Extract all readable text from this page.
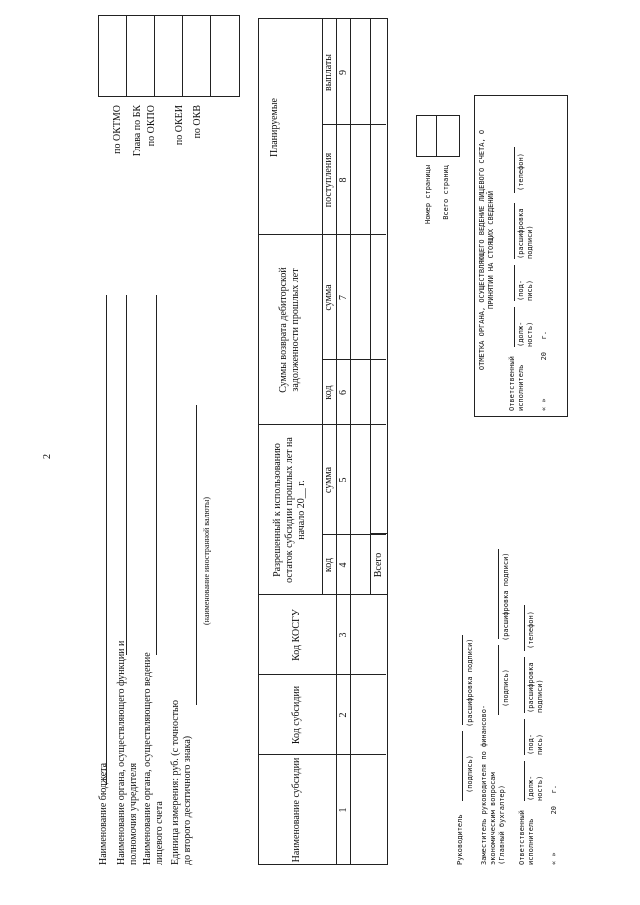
2
Наименование бюджета Наименование органа, осуществляющего функции и полномочия учредителя Наименование органа, осуществляющего ведение лицевого счета Единица измерения: руб. (с точностью до второго десятичного знака)
(наименование иностранной валюты)
по ОКТМО Глава по БК по ОКПО по ОКЕИ по ОКВ
Наименование субсидии
Код субсидии
Код КОСГУ
Разрешенный к использованию остаток субсидии прошлых лет на начало 20__ г.
Суммы возврата дебиторской задолженности прошлых лет
Планируемые
код
сумма
код
сумма
поступления
выплаты
1
2
3
4
5
6
7
8
9
Всего
Руководитель
(подпись)
(расшифровка подписи)
Заместитель руководителя по финансово-экономическим вопросам (Главный бухгалтер)
(подпись)
(расшифровка подписи)
Ответственный исполнитель
(долж- ность)
(под- пись)
(расшифровка подписи)
(телефон)
« »         20   г.
Номер страницы Всего страниц	ОТМЕТКА ОРГАНА, ОСУЩЕСТВЛЯЮЩЕГО ВЕДЕНИЕ ЛИЦЕВОГО СЧЕТА, О ПРИНЯТИИ НА СТОЯЩИХ СВЕДЕНИЙ
Ответственный исполнитель
(долж- ность)
(под- пись)
(расшифровка подписи)
(телефон)
« »         20   г.
